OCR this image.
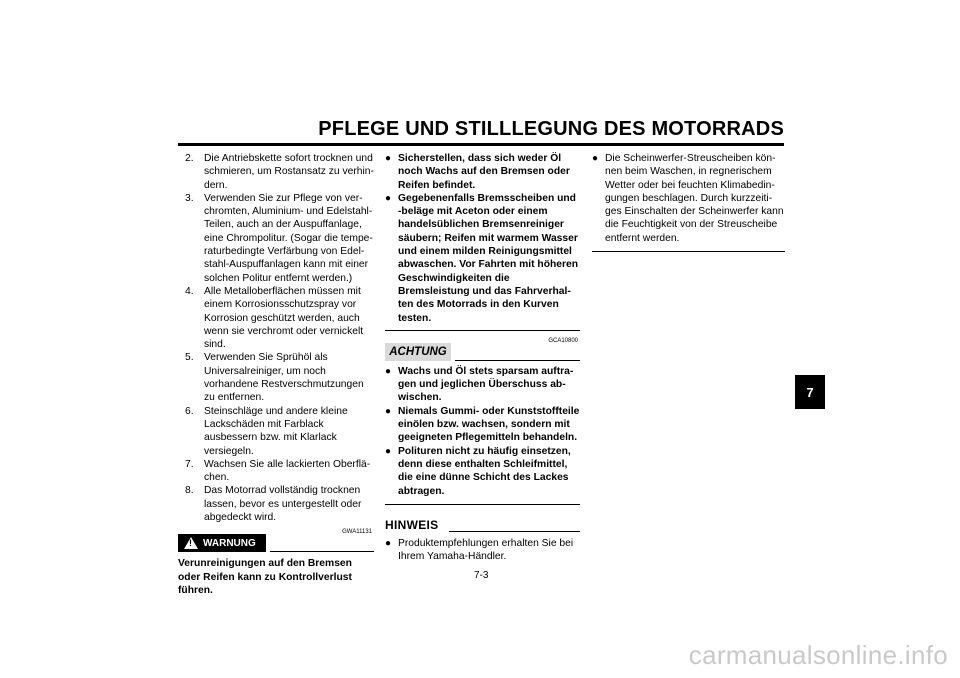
PFLEGE UND STILLLEGUNG DES MOTORRADS
2. Die Antriebskette sofort trocknen und schmieren, um Rostansatz zu verhindern.
3. Verwenden Sie zur Pflege von verchromten, Aluminium- und Edelstahl-Teilen, auch an der Auspuffanlage, eine Chrompolitur. (Sogar die temperaturbedingte Verfärbung von Edelstahl-Auspuffanlagen kann mit einer solchen Politur entfernt werden.)
4. Alle Metalloberflächen müssen mit einem Korrosionsschutzspray vor Korrosion geschützt werden, auch wenn sie verchromt oder vernickelt sind.
5. Verwenden Sie Sprühöl als Universalreiniger, um noch vorhandene Restverschmutzungen zu entfernen.
6. Steinschläge und andere kleine Lackschäden mit Farblack ausbessern bzw. mit Klarlack versiegeln.
7. Wachsen Sie alle lackierten Oberflächen.
8. Das Motorrad vollständig trocknen lassen, bevor es untergestellt oder abgedeckt wird.
GWA11131
! WARNUNG
Verunreinigungen auf den Bremsen oder Reifen kann zu Kontrollverlust führen.
● Sicherstellen, dass sich weder Öl noch Wachs auf den Bremsen oder Reifen befindet.
● Gegebenenfalls Bremsscheiben und -beläge mit Aceton oder einem handelsüblichen Bremsenreiniger säubern; Reifen mit warmem Wasser und einem milden Reinigungsmittel abwaschen. Vor Fahrten mit höheren Geschwindigkeiten die Bremsleistung und das Fahrverhalten des Motorrads in den Kurven testen.
GCA10800
ACHTUNG
● Wachs und Öl stets sparsam auftragen und jeglichen Überschuss abwischen.
● Niemals Gummi- oder Kunststoffteile einölen bzw. wachsen, sondern mit geeigneten Pflegemitteln behandeln.
● Polituren nicht zu häufig einsetzen, denn diese enthalten Schleifmittel, die eine dünne Schicht des Lackes abtragen.
HINWEIS
● Produktempfehlungen erhalten Sie bei Ihrem Yamaha-Händler.
● Die Scheinwerfer-Streuscheiben können beim Waschen, in regnerischem Wetter oder bei feuchten Klimabedingungen beschlagen. Durch kurzzeitiges Einschalten der Scheinwerfer kann die Feuchtigkeit von der Streuscheibe entfernt werden.
7-3
7
carmanualsonline.info
